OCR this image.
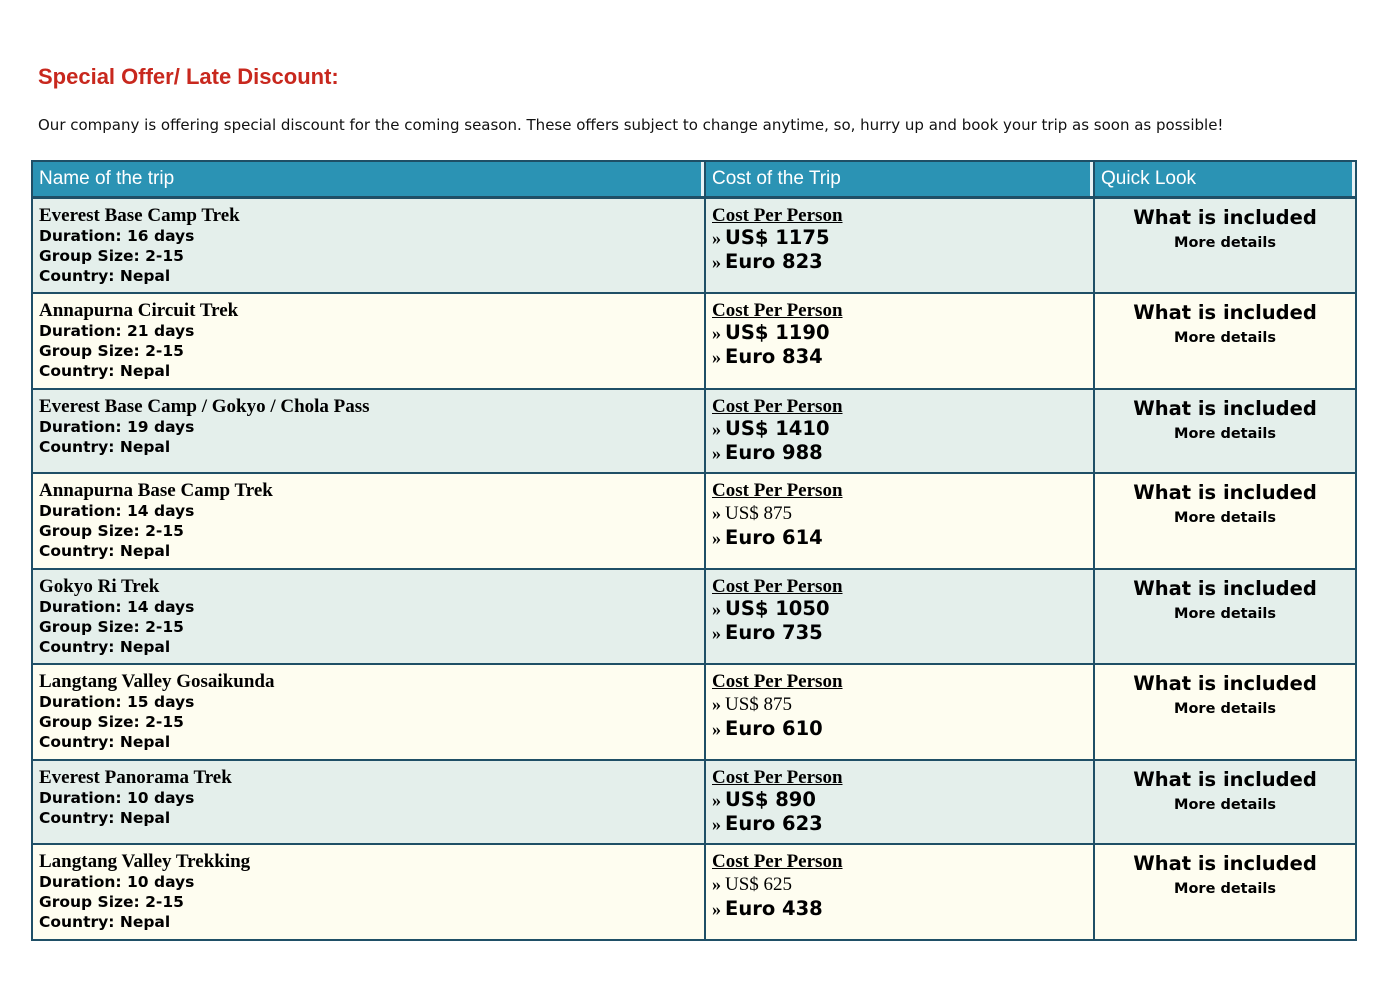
Special Offer/ Late Discount:

Our company is offering special discount for the coming season. These offers subject to change anytime, so, hurry up and book your trip as soon as possible!

Name of the trip	Cost of the Trip	Quick Look

Everest Base Camp Trek
Duration: 16 days
Group Size: 2-15
Country: Nepal	Cost Per Person
» US$ 1175
» Euro 823	What is included
More details

Annapurna Circuit Trek
Duration: 21 days
Group Size: 2-15
Country: Nepal	Cost Per Person
» US$ 1190
» Euro 834	What is included
More details

Everest Base Camp / Gokyo / Chola Pass
Duration: 19 days
Country: Nepal	Cost Per Person
» US$ 1410
» Euro 988	What is included
More details

Annapurna Base Camp Trek
Duration: 14 days
Group Size: 2-15
Country: Nepal	Cost Per Person
» US$ 875
» Euro 614	What is included
More details

Gokyo Ri Trek
Duration: 14 days
Group Size: 2-15
Country: Nepal	Cost Per Person
» US$ 1050
» Euro 735	What is included
More details

Langtang Valley Gosaikunda
Duration: 15 days
Group Size: 2-15
Country: Nepal	Cost Per Person
» US$ 875
» Euro 610	What is included
More details

Everest Panorama Trek
Duration: 10 days
Country: Nepal	Cost Per Person
» US$ 890
» Euro 623	What is included
More details

Langtang Valley Trekking
Duration: 10 days
Group Size: 2-15
Country: Nepal	Cost Per Person
» US$ 625
» Euro 438	What is included
More details
